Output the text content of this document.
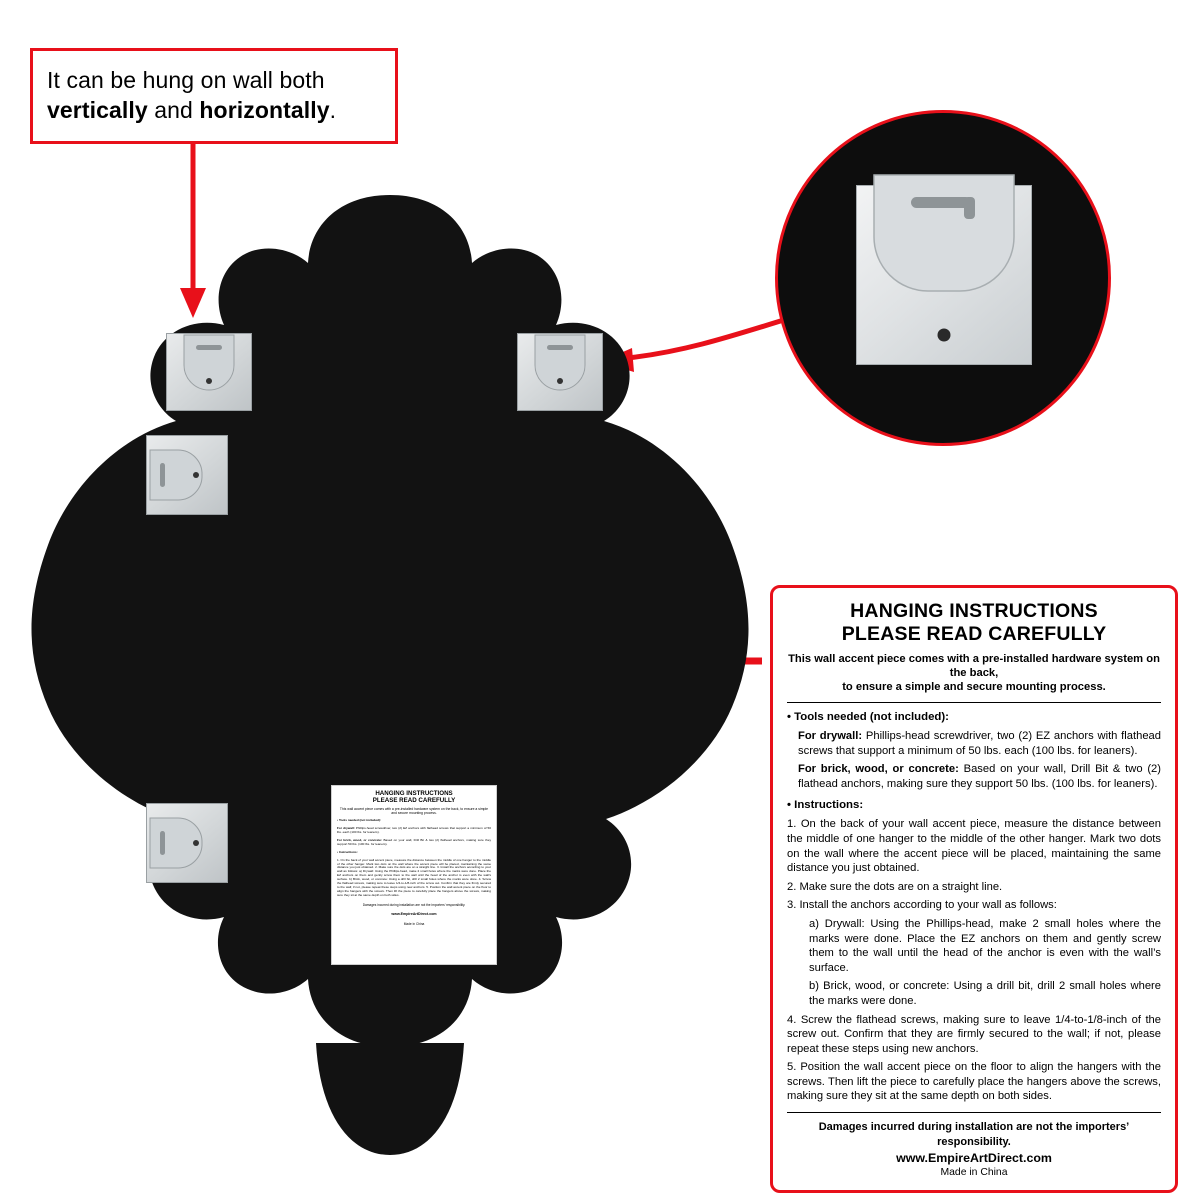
It can be hung on wall both
vertically and horizontally.
HANGING INSTRUCTIONS
PLEASE READ CAREFULLY
This wall accent piece comes with a pre-installed hardware system on the back, to ensure a simple and secure mounting process.
• Tools needed (not included):
For drywall: Phillips-head screwdriver, two (2) EZ anchors with flathead screws that support a minimum of 50 lbs. each (100 lbs. for leaners).
For brick, wood, or concrete: Based on your wall, Drill Bit & two (2) flathead anchors, making sure they support 50 lbs. (100 lbs. for leaners).
• Instructions:
1. On the back of your wall accent piece, measure the distance between the middle of one hanger to the middle of the other hanger. Mark two dots on the wall where the accent piece will be placed, maintaining the same distance you just obtained. 2. Make sure the dots are on a straight line. 3. Install the anchors according to your wall as follows: a) Drywall: Using the Phillips-head, make 2 small holes where the marks were done. Place the EZ anchors on them and gently screw them to the wall until the head of the anchor is even with the wall’s surface. b) Brick, wood, or concrete: Using a drill bit, drill 2 small holes where the marks were done. 4. Screw the flathead screws, making sure to leave 1/4-to-1/8-inch of the screw out. Confirm that they are firmly secured to the wall; if not, please repeat these steps using new anchors. 5. Position the wall accent piece on the floor to align the hangers with the screws. Then lift the piece to carefully place the hangers above the screws, making sure they sit at the same depth on both sides.
Damages incurred during installation are not the importers’ responsibility.
www.EmpireArtDirect.com
Made in China
HANGING INSTRUCTIONS
PLEASE READ CAREFULLY
This wall accent piece comes with a pre-installed hardware system on the back,
to ensure a simple and secure mounting process.
• Tools needed (not included):
For drywall: Phillips-head screwdriver, two (2) EZ anchors with flathead screws that support a minimum of 50 lbs. each (100 lbs. for leaners).
For brick, wood, or concrete: Based on your wall, Drill Bit & two (2) flathead anchors, making sure they support 50 lbs. (100 lbs. for leaners).
• Instructions:
1. On the back of your wall accent piece, measure the distance between the middle of one hanger to the middle of the other hanger. Mark two dots on the wall where the accent piece will be placed, maintaining the same distance you just obtained.
2. Make sure the dots are on a straight line.
3. Install the anchors according to your wall as follows:
a) Drywall: Using the Phillips-head, make 2 small holes where the marks were done. Place the EZ anchors on them and gently screw them to the wall until the head of the anchor is even with the wall’s surface.
b) Brick, wood, or concrete: Using a drill bit, drill 2 small holes where the marks were done.
4. Screw the flathead screws, making sure to leave 1/4-to-1/8-inch of the screw out. Confirm that they are firmly secured to the wall; if not, please repeat these steps using new anchors.
5. Position the wall accent piece on the floor to align the hangers with the screws. Then lift the piece to carefully place the hangers above the screws, making sure they sit at the same depth on both sides.
Damages incurred during installation are not the importers’ responsibility.
www.EmpireArtDirect.com
Made in China
